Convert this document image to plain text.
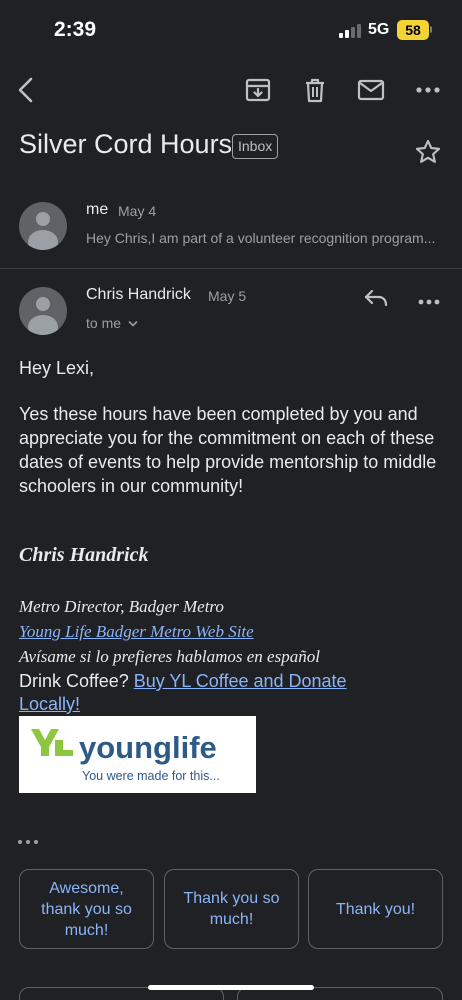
2:39	5G	58
Silver Cord Hours Inbox
me May 4
Hey Chris,I am part of a volunteer recognition program...
Chris Handrick May 5
to me
Hey Lexi,
Yes these hours have been completed by you and appreciate you for the commitment on each of these dates of events to help provide mentorship to middle schoolers in our community!
Chris Handrick
Metro Director, Badger Metro
Young Life Badger Metro Web Site
Avísame si lo prefieres hablamos en español
Drink Coffee? Buy YL Coffee and Donate Locally!
younglife
You were made for this...
Awesome, thank you so much!
Thank you so much!
Thank you!
